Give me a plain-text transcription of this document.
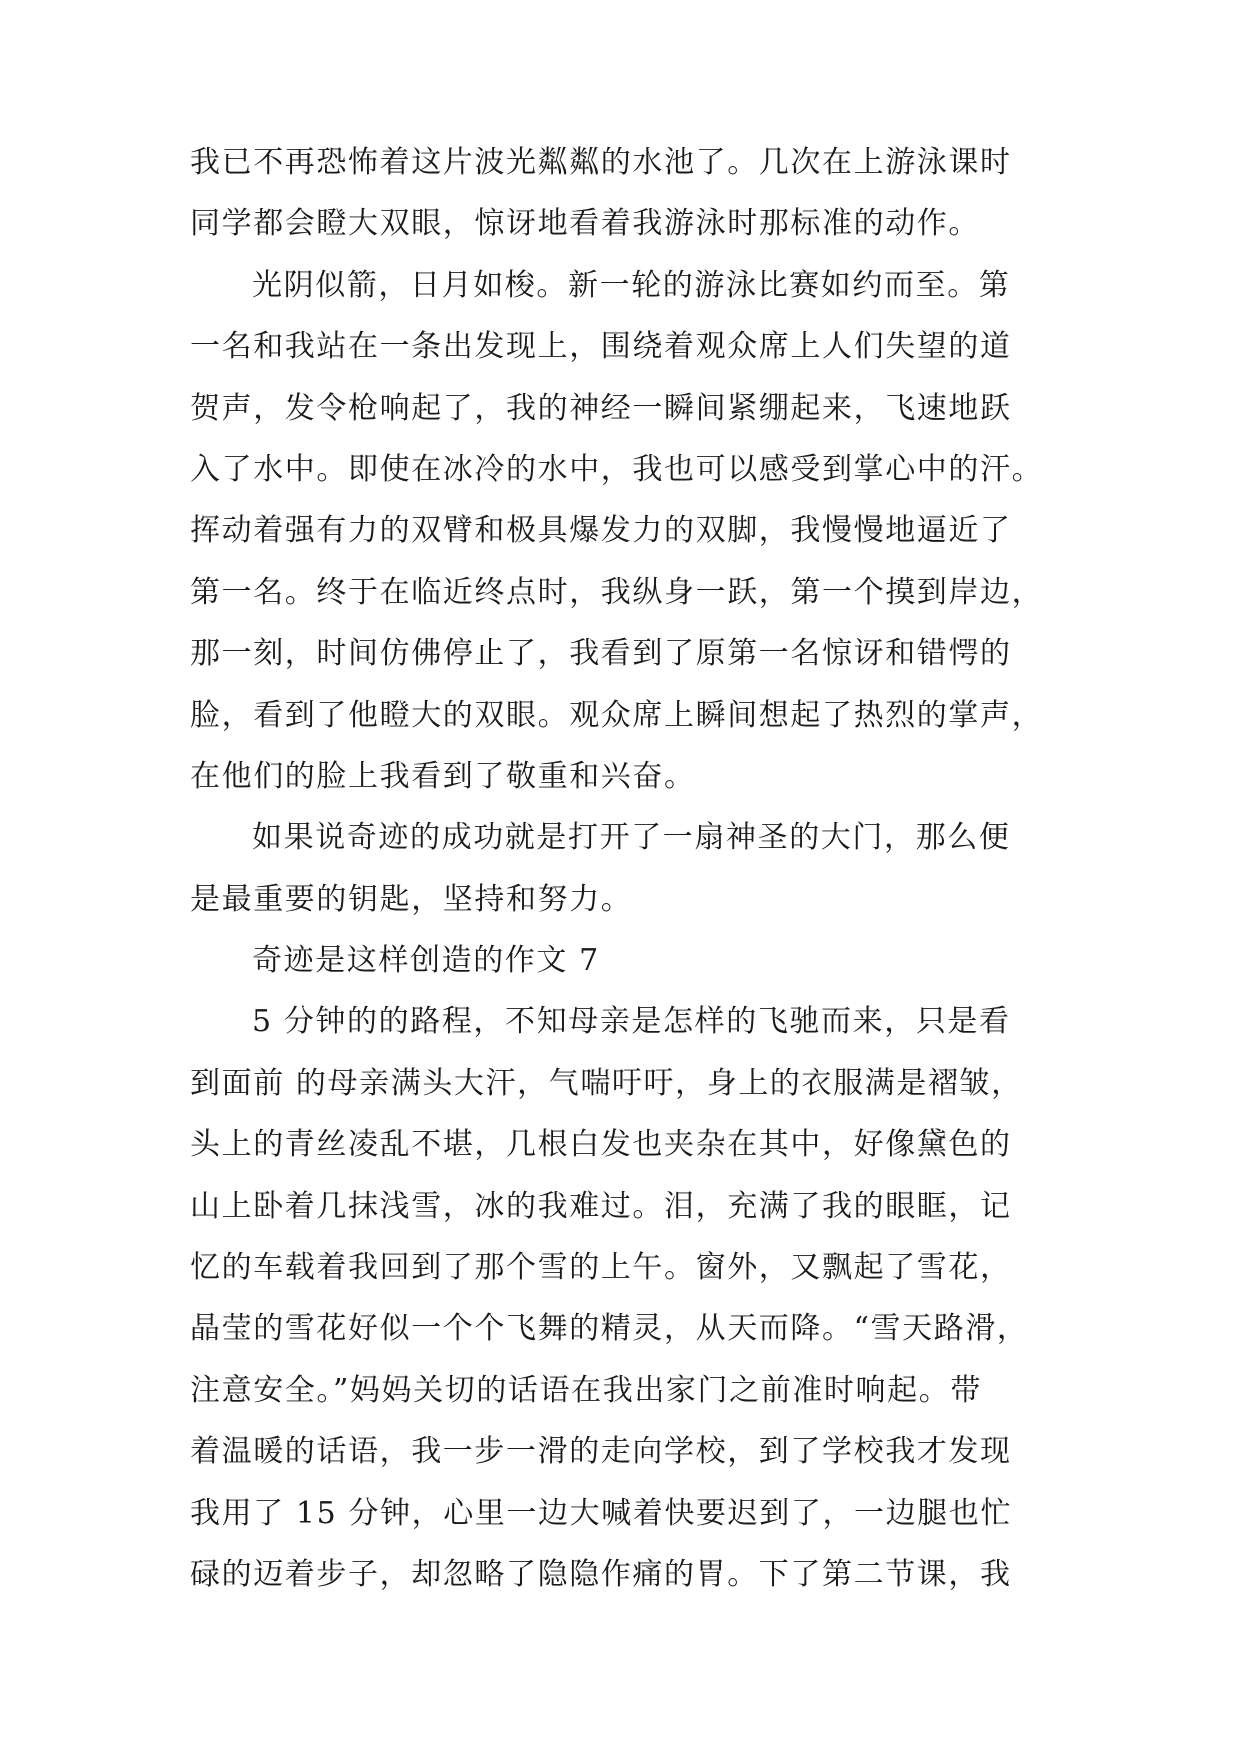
我已不再恐怖着这片波光粼粼的水池了。几次在上游泳课时
同学都会瞪大双眼，惊讶地看着我游泳时那标准的动作。
光阴似箭，日月如梭。新一轮的游泳比赛如约而至。第
一名和我站在一条出发现上，围绕着观众席上人们失望的道
贺声，发令枪响起了，我的神经一瞬间紧绷起来，飞速地跃
入了水中。即使在冰冷的水中，我也可以感受到掌心中的汗。
挥动着强有力的双臂和极具爆发力的双脚，我慢慢地逼近了
第一名。终于在临近终点时，我纵身一跃，第一个摸到岸边，
那一刻，时间仿佛停止了，我看到了原第一名惊讶和错愕的
脸，看到了他瞪大的双眼。观众席上瞬间想起了热烈的掌声，
在他们的脸上我看到了敬重和兴奋。
如果说奇迹的成功就是打开了一扇神圣的大门，那么便
是最重要的钥匙，坚持和努力。
奇迹是这样创造的作文 7
5 分钟的的路程，不知母亲是怎样的飞驰而来，只是看
到面前 的母亲满头大汗，气喘吁吁，身上的衣服满是褶皱，
头上的青丝凌乱不堪，几根白发也夹杂在其中，好像黛色的
山上卧着几抹浅雪，冰的我难过。泪，充满了我的眼眶，记
忆的车载着我回到了那个雪的上午。窗外，又飘起了雪花，
晶莹的雪花好似一个个飞舞的精灵，从天而降。“雪天路滑，
注意安全。”妈妈关切的话语在我出家门之前准时响起。带
着温暖的话语，我一步一滑的走向学校，到了学校我才发现
我用了 15 分钟，心里一边大喊着快要迟到了，一边腿也忙
碌的迈着步子，却忽略了隐隐作痛的胃。下了第二节课，我
